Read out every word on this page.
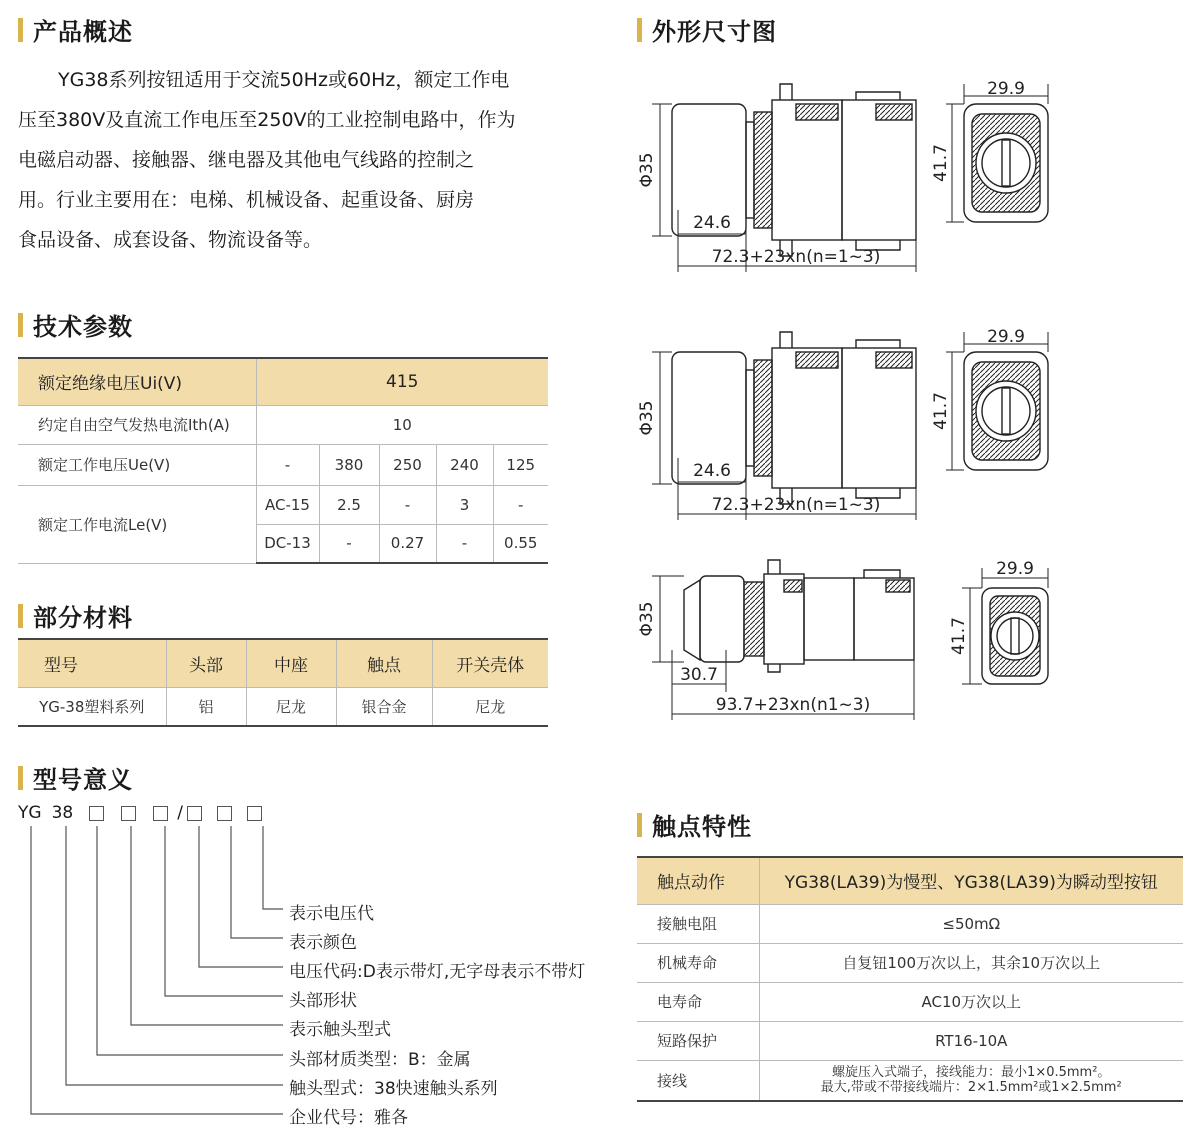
产品概述

YG38系列按钮适用于交流50Hz或60Hz，额定工作电

压至380V及直流工作电压至250V的工业控制电路中，作为

电磁启动器、接触器、继电器及其他电气线路的控制之

用。行业主要用在：电梯、机械设备、起重设备、厨房

食品设备、成套设备、物流设备等。

技术参数
额定绝缘电压Ui(V)	415				
约定自由空气发热电流Ith(A)	10				
额定工作电压Ue(V)	-	380	250	240	125
额定工作电流Le(V)	AC-15	2.5	-	3	-
	DC-13	-	0.27	-	0.55
部分材料
型号	头部	中座	触点	开关壳体
YG-38塑料系列	铝	尼龙	银合金	尼龙
型号意义
YG 38	/
表示电压代
表示颜色
电压代码:D表示带灯,无字母表示不带灯
头部形状
表示触头型式
头部材质类型：B：金属
触头型式：38快速触头系列
企业代号：雅各
外形尺寸图
Φ35
29.9
41.7
24.6
72.3+23xn(n=1~3)
Φ35
29.9
41.7
24.6
72.3+23xn(n=1~3)
Φ35
29.9
41.7
30.7
93.7+23xn(n1~3)
触点特性
触点动作	YG38(LA39)为慢型、YG38(LA39)为瞬动型按钮
接触电阻	≤50mΩ
机械寿命	自复钮100万次以上，其余10万次以上
电寿命	AC10万次以上
短路保护	RT16-10A
接线	螺旋压入式端子，接线能力：最小1×0.5mm²。
最大,带或不带接线端片：2×1.5mm²或1×2.5mm²
